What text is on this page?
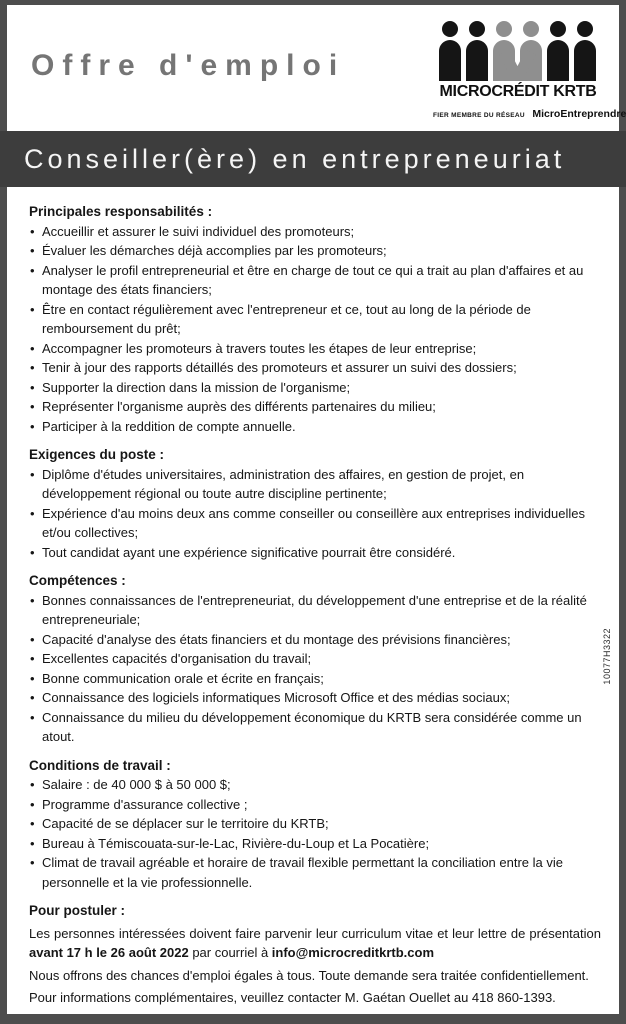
Offre d'emploi
MICROCRÉDIT KRTB
FIER MEMBRE DU RÉSEAU MicroEntreprendre
Conseiller(ère) en entrepreneuriat
Principales responsabilités :
• Accueillir et assurer le suivi individuel des promoteurs;
• Évaluer les démarches déjà accomplies par les promoteurs;
• Analyser le profil entrepreneurial et être en charge de tout ce qui a trait au plan d'affaires et au montage des états financiers;
• Être en contact régulièrement avec l'entrepreneur et ce, tout au long de la période de remboursement du prêt;
• Accompagner les promoteurs à travers toutes les étapes de leur entreprise;
• Tenir à jour des rapports détaillés des promoteurs et assurer un suivi des dossiers;
• Supporter la direction dans la mission de l'organisme;
• Représenter l'organisme auprès des différents partenaires du milieu;
• Participer à la reddition de compte annuelle.
Exigences du poste :
• Diplôme d'études universitaires, administration des affaires, en gestion de projet, en développement régional ou toute autre discipline pertinente;
• Expérience d'au moins deux ans comme conseiller ou conseillère aux entreprises individuelles et/ou collectives;
• Tout candidat ayant une expérience significative pourrait être considéré.
Compétences :
• Bonnes connaissances de l'entrepreneuriat, du développement d'une entreprise et de la réalité entrepreneuriale;
• Capacité d'analyse des états financiers et du montage des prévisions financières;
• Excellentes capacités d'organisation du travail;
• Bonne communication orale et écrite en français;
• Connaissance des logiciels informatiques Microsoft Office et des médias sociaux;
• Connaissance du milieu du développement économique du KRTB sera considérée comme un atout.
Conditions de travail :
• Salaire : de 40 000 $ à 50 000 $;
• Programme d'assurance collective ;
• Capacité de se déplacer sur le territoire du KRTB;
• Bureau à Témiscouata-sur-le-Lac, Rivière-du-Loup et La Pocatière;
• Climat de travail agréable et horaire de travail flexible permettant la conciliation entre la vie personnelle et la vie professionnelle.
Pour postuler :

Les personnes intéressées doivent faire parvenir leur curriculum vitae et leur lettre de présentation avant 17 h le 26 août 2022 par courriel à info@microcreditkrtb.com

Nous offrons des chances d'emploi égales à tous. Toute demande sera traitée confidentiellement.

Pour informations complémentaires, veuillez contacter M. Gaétan Ouellet au 418 860-1393.

10077H3322
